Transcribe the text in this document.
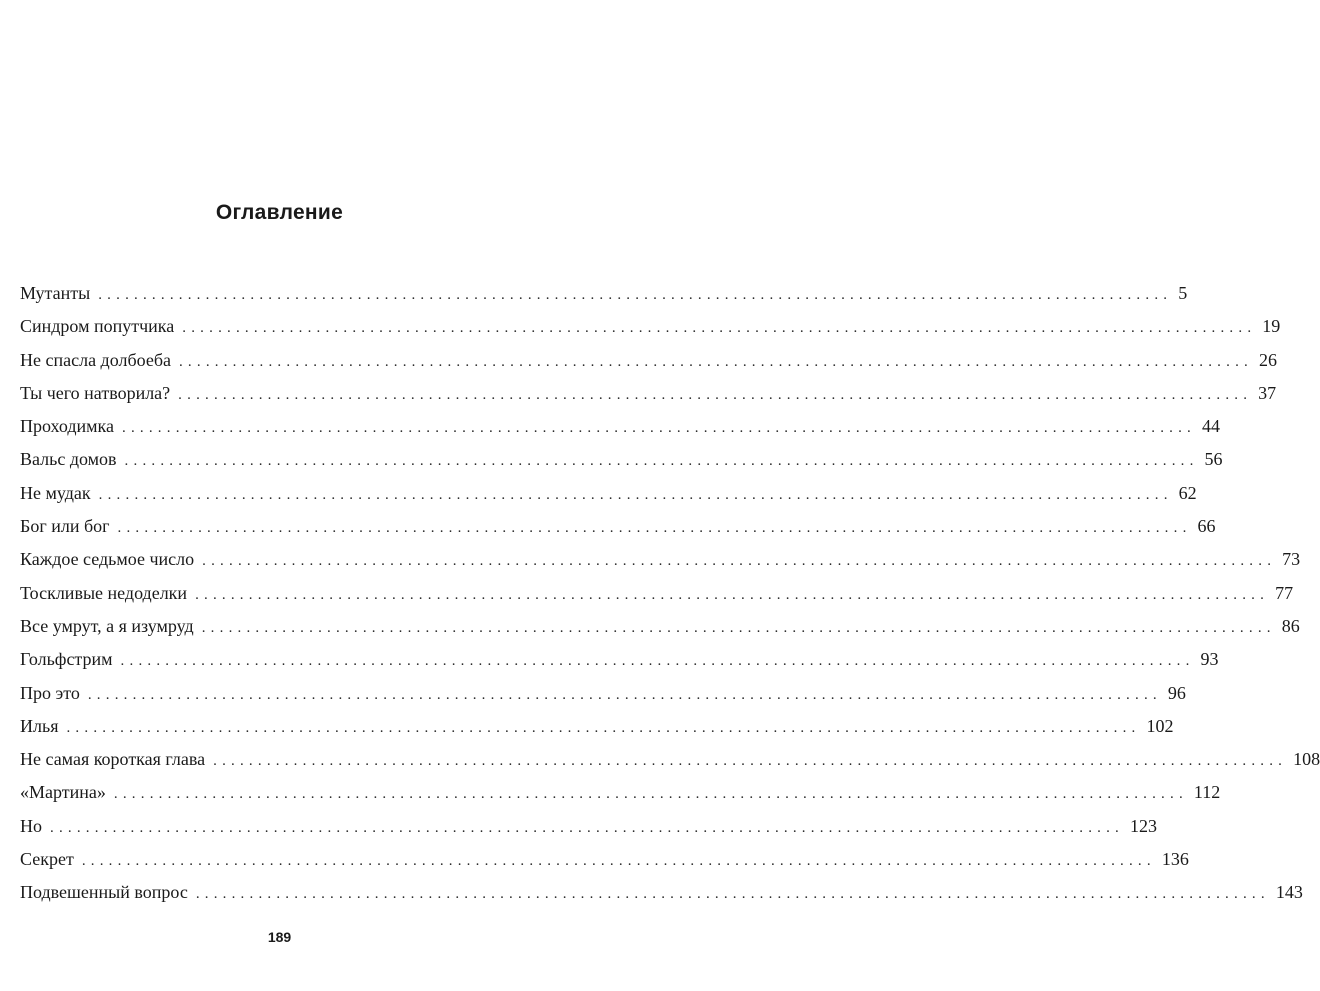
Оглавление
Мутанты ........................................................................................................................ 5
Синдром попутчика ........................................................................................................................ 19
Не спасла долбоеба ........................................................................................................................ 26
Ты чего натворила? ........................................................................................................................ 37
Проходимка ........................................................................................................................ 44
Вальс домов ........................................................................................................................ 56
Не мудак ........................................................................................................................ 62
Бог или бог ........................................................................................................................ 66
Каждое седьмое число ........................................................................................................................ 73
Тоскливые недоделки ........................................................................................................................ 77
Все умрут, а я изумруд ........................................................................................................................ 86
Гольфстрим ........................................................................................................................ 93
Про это ........................................................................................................................ 96
Илья ........................................................................................................................ 102
Не самая короткая глава ........................................................................................................................ 108
«Мартина» ........................................................................................................................ 112
Но ........................................................................................................................ 123
Секрет ........................................................................................................................ 136
Подвешенный вопрос ........................................................................................................................ 143
189
